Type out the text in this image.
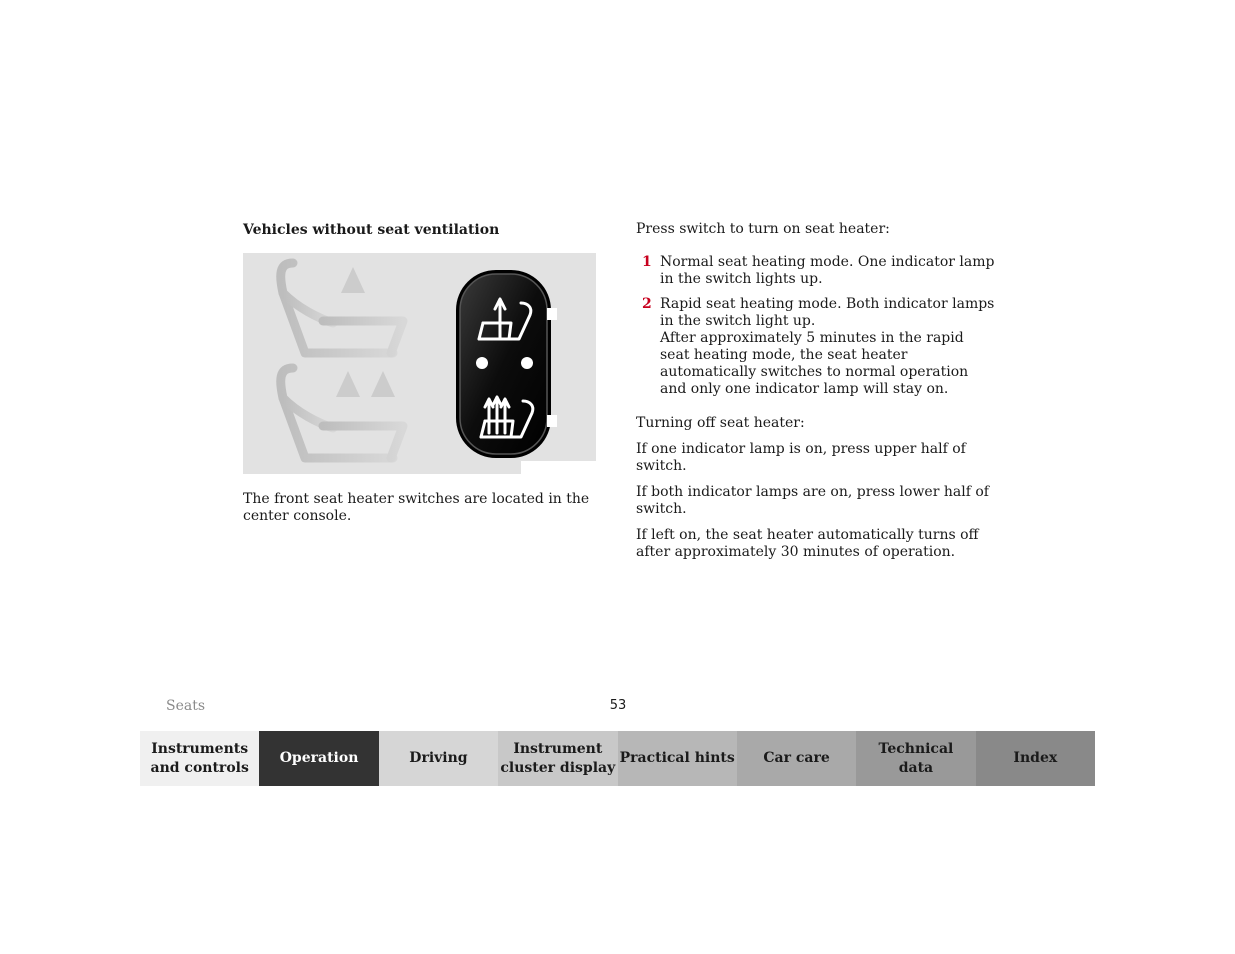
Vehicles without seat ventilation

The front seat heater switches are located in the center console.

Press switch to turn on seat heater:

1 Normal seat heating mode. One indicator lamp in the switch lights up.
2 Rapid seat heating mode. Both indicator lamps in the switch light up.
After approximately 5 minutes in the rapid seat heating mode, the seat heater automatically switches to normal operation and only one indicator lamp will stay on.

Turning off seat heater:

If one indicator lamp is on, press upper half of switch.

If both indicator lamps are on, press lower half of switch.

If left on, the seat heater automatically turns off after approximately 30 minutes of operation.

Seats	53
Instruments
and controls
Operation	Driving
Instrument
cluster display
Practical hints Car care
Technical
data
Index
